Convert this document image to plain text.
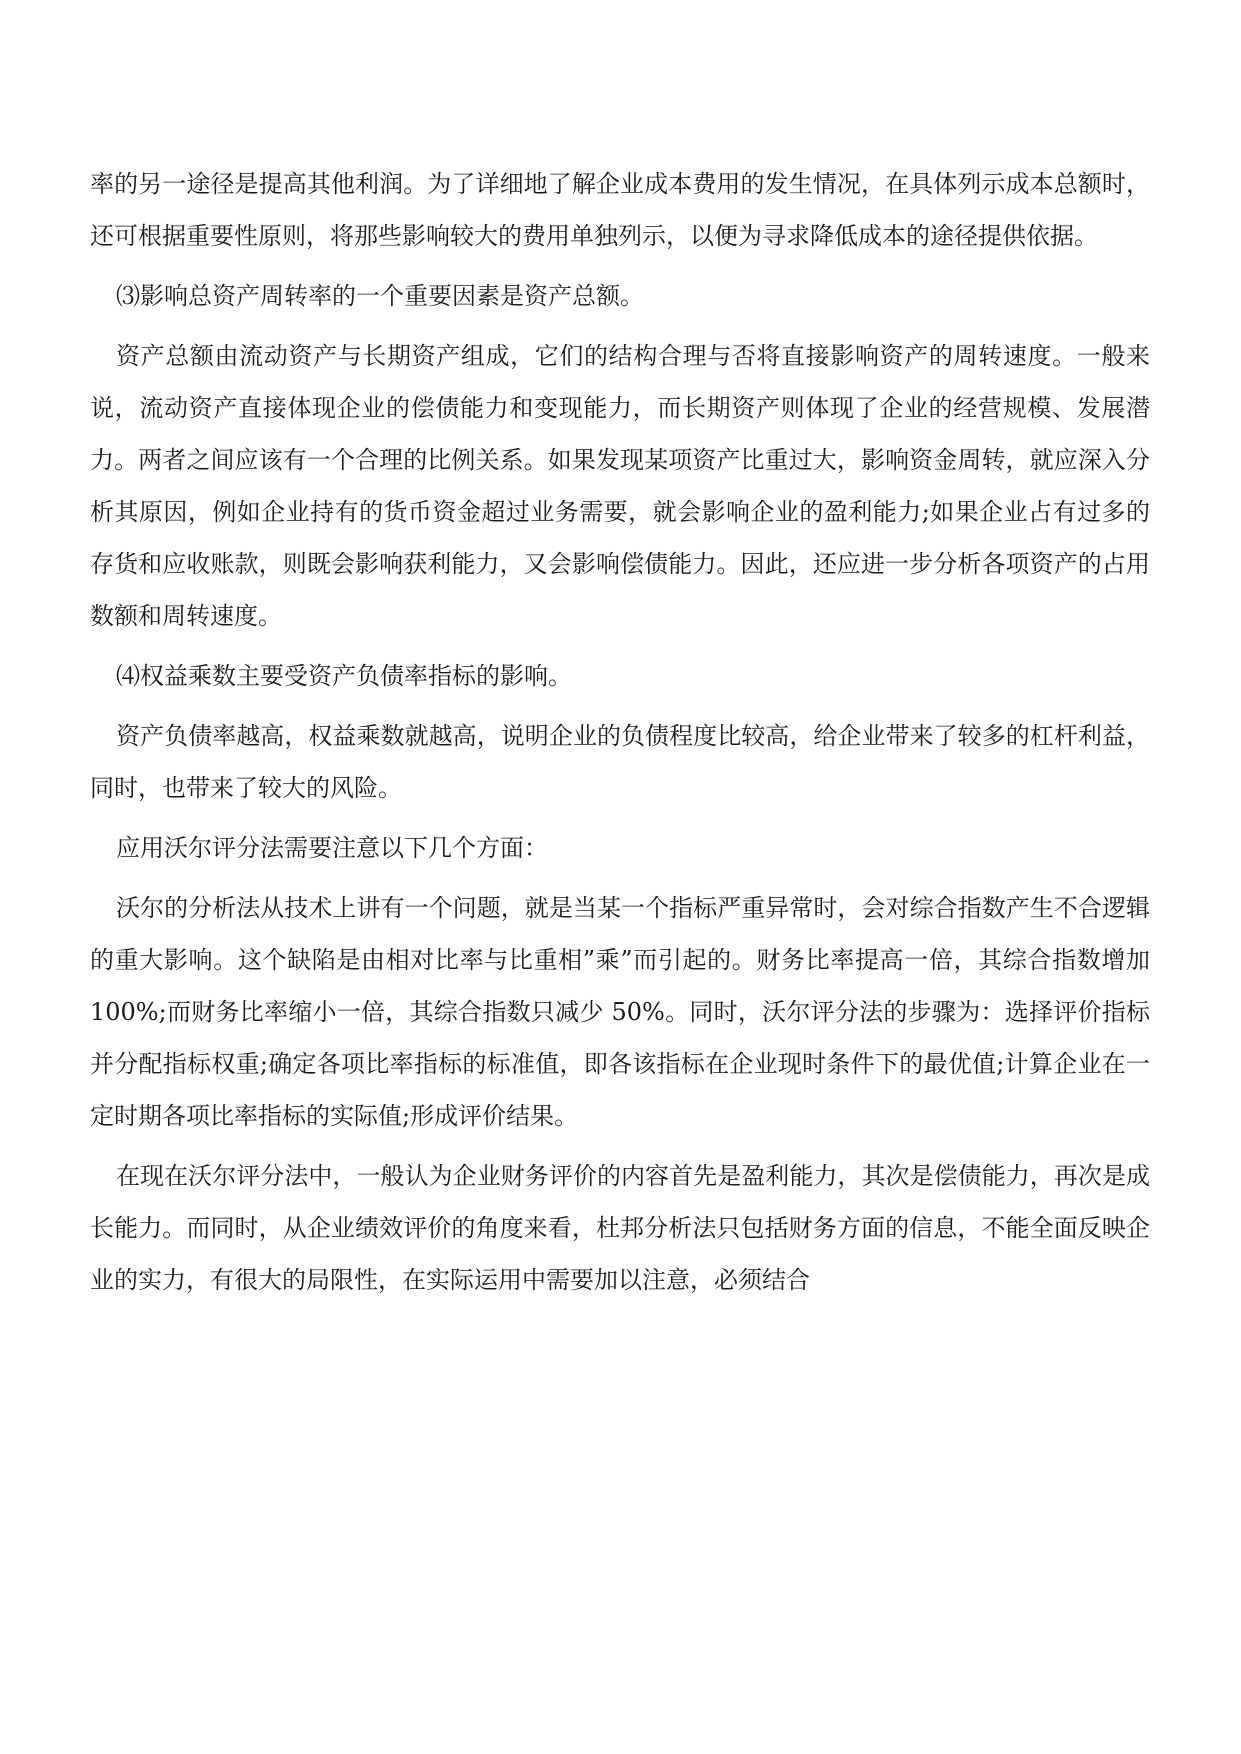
率的另一途径是提高其他利润。为了详细地了解企业成本费用的发生情况，在具体列示成本总额时，还可根据重要性原则，将那些影响较大的费用单独列示，以便为寻求降低成本的途径提供依据。

⑶影响总资产周转率的一个重要因素是资产总额。

资产总额由流动资产与长期资产组成，它们的结构合理与否将直接影响资产的周转速度。一般来说，流动资产直接体现企业的偿债能力和变现能力，而长期资产则体现了企业的经营规模、发展潜力。两者之间应该有一个合理的比例关系。如果发现某项资产比重过大，影响资金周转，就应深入分析其原因，例如企业持有的货币资金超过业务需要，就会影响企业的盈利能力;如果企业占有过多的存货和应收账款，则既会影响获利能力，又会影响偿债能力。因此，还应进一步分析各项资产的占用数额和周转速度。

⑷权益乘数主要受资产负债率指标的影响。

资产负债率越高，权益乘数就越高，说明企业的负债程度比较高，给企业带来了较多的杠杆利益，同时，也带来了较大的风险。

应用沃尔评分法需要注意以下几个方面：

沃尔的分析法从技术上讲有一个问题，就是当某一个指标严重异常时，会对综合指数产生不合逻辑的重大影响。这个缺陷是由相对比率与比重相”乘”而引起的。财务比率提高一倍，其综合指数增加 100%;而财务比率缩小一倍，其综合指数只减少 50%。同时，沃尔评分法的步骤为：选择评价指标并分配指标权重;确定各项比率指标的标准值，即各该指标在企业现时条件下的最优值;计算企业在一定时期各项比率指标的实际值;形成评价结果。

在现在沃尔评分法中，一般认为企业财务评价的内容首先是盈利能力，其次是偿债能力，再次是成长能力。而同时，从企业绩效评价的角度来看，杜邦分析法只包括财务方面的信息，不能全面反映企业的实力，有很大的局限性，在实际运用中需要加以注意，必须结合
